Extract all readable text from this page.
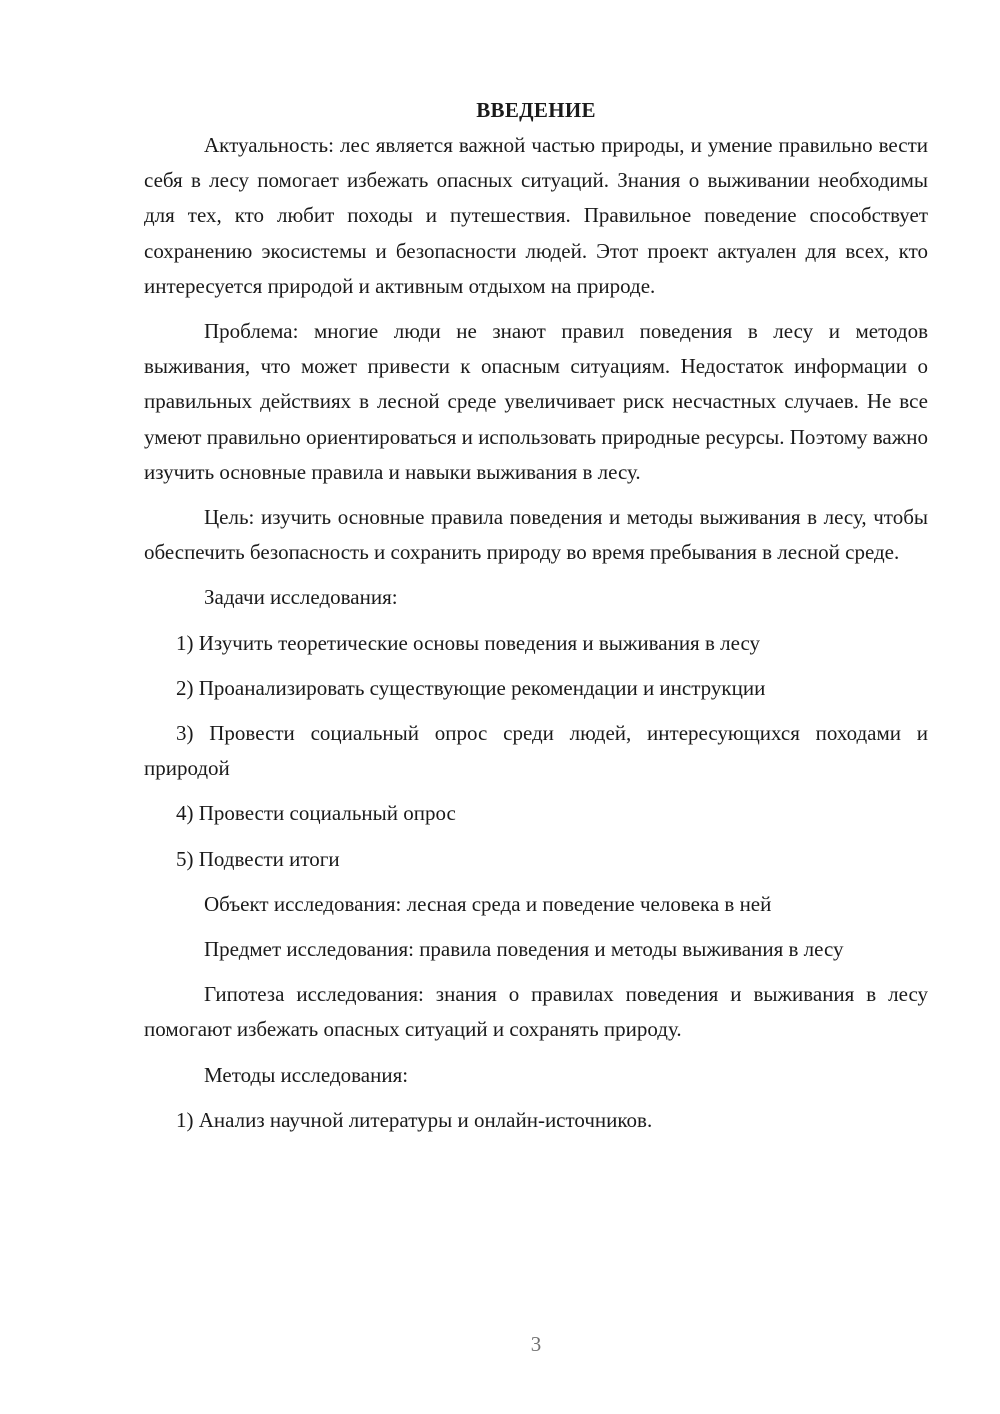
ВВЕДЕНИЕ

Актуальность: лес является важной частью природы, и умение правильно вести себя в лесу помогает избежать опасных ситуаций. Знания о выживании необходимы для тех, кто любит походы и путешествия. Правильное поведение способствует сохранению экосистемы и безопасности людей. Этот проект актуален для всех, кто интересуется природой и активным отдыхом на природе.

Проблема: многие люди не знают правил поведения в лесу и методов выживания, что может привести к опасным ситуациям. Недостаток информации о правильных действиях в лесной среде увеличивает риск несчастных случаев. Не все умеют правильно ориентироваться и использовать природные ресурсы. Поэтому важно изучить основные правила и навыки выживания в лесу.

Цель: изучить основные правила поведения и методы выживания в лесу, чтобы обеспечить безопасность и сохранить природу во время пребывания в лесной среде.

Задачи исследования:

1) Изучить теоретические основы поведения и выживания в лесу

2) Проанализировать существующие рекомендации и инструкции

3) Провести социальный опрос среди людей, интересующихся походами и природой

4) Провести социальный опрос

5) Подвести итоги

Объект исследования: лесная среда и поведение человека в ней

Предмет исследования: правила поведения и методы выживания в лесу

Гипотеза исследования: знания о правилах поведения и выживания в лесу помогают избежать опасных ситуаций и сохранять природу.

Методы исследования:

1) Анализ научной литературы и онлайн-источников.

3
